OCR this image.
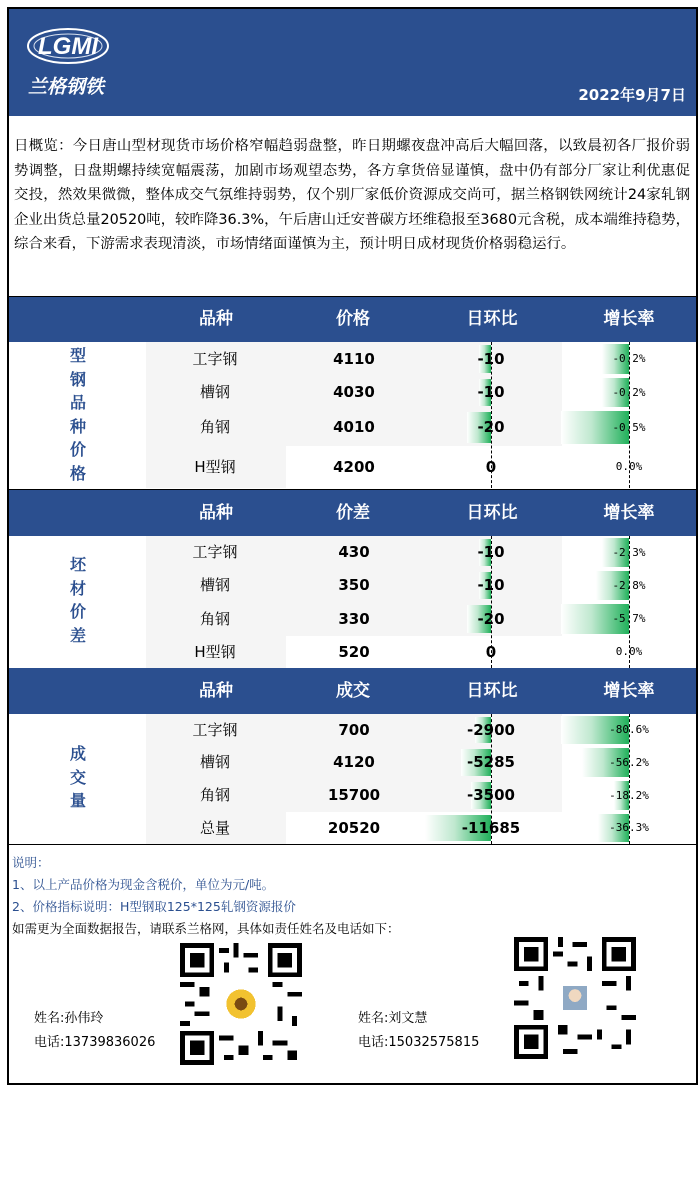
LGMI
兰格钢铁	2022年9月7日
日概览：今日唐山型材现货市场价格窄幅趋弱盘整，昨日期螺夜盘冲高后大幅回落，以致晨初各厂报价弱势调整，日盘期螺持续宽幅震荡，加剧市场观望态势，各方拿货倍显谨慎，盘中仍有部分厂家让利优惠促交投，然效果微微，整体成交气氛维持弱势，仅个别厂家低价资源成交尚可，据兰格钢铁网统计24家轧钢企业出货总量20520吨，较昨降36.3%，午后唐山迁安普碳方坯维稳报至3680元含税，成本端维持稳势，综合来看，下游需求表现清淡，市场情绪面谨慎为主，预计明日成材现货价格弱稳运行。
品种	价格	日环比	增长率
型
钢
品
种
价
格
工字钢	4110	-10	-0.2%
槽钢	4030	-10	-0.2%
角钢	4010	-20	-0.5%
H型钢	4200	0	0.0%
品种	价差	日环比	增长率
坯
材
价
差
工字钢	430	-10	-2.3%
槽钢	350	-10	-2.8%
角钢	330	-20	-5.7%
H型钢	520	0	0.0%
品种	成交	日环比	增长率
成
交
量
工字钢	700	-2900	-80.6%
槽钢	4120	-5285	-56.2%
角钢	15700	-3500	-18.2%
总量	20520	-11685	-36.3%
说明：
1、以上产品价格为现金含税价，单位为元/吨。
2、价格指标说明：H型钢取125*125轧钢资源报价
如需更为全面数据报告，请联系兰格网，具体如责任姓名及电话如下：
姓名:孙伟玲
电话:13739836026
姓名:刘文慧
电话:15032575815
